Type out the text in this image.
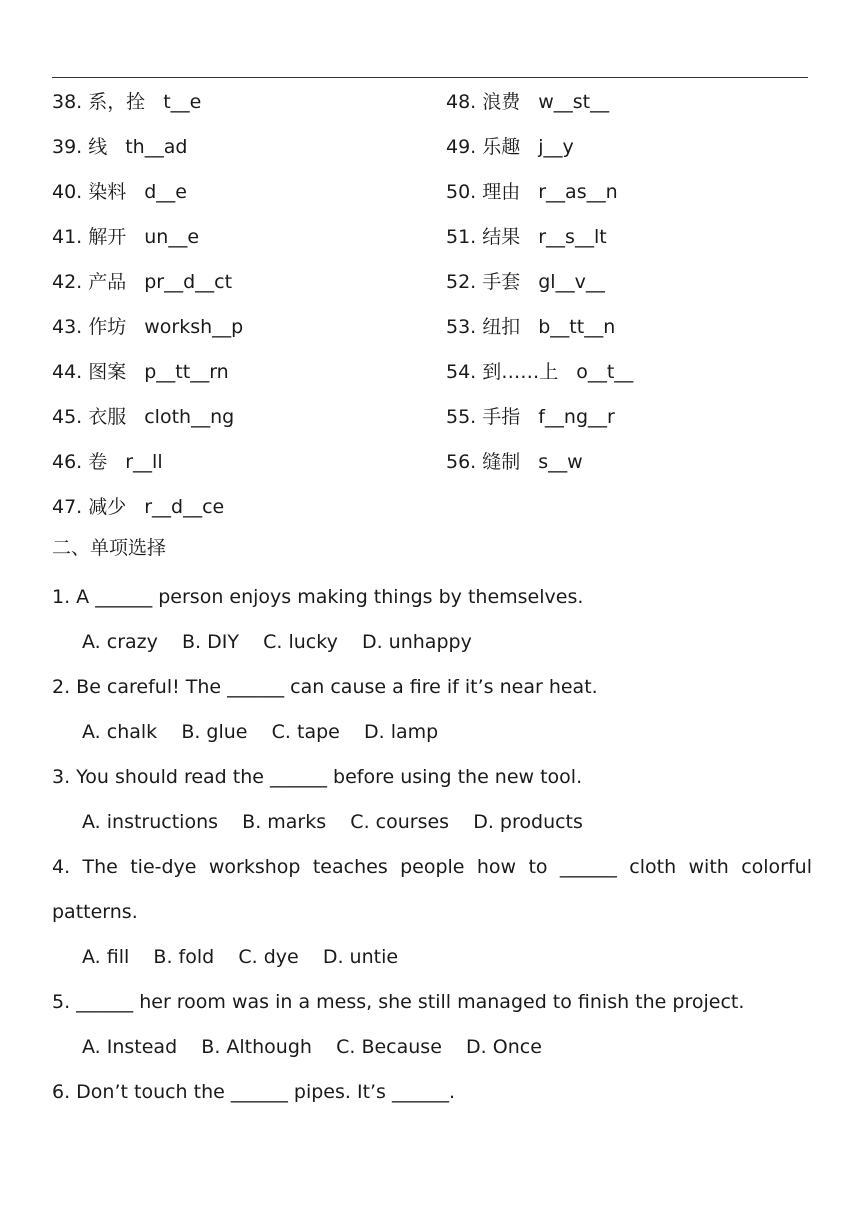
38. 系，拴 t__e	48. 浪费 w__st__
39. 线 th__ad	49. 乐趣 j__y
40. 染料 d__e	50. 理由 r__as__n
41. 解开 un__e	51. 结果 r__s__lt
42. 产品 pr__d__ct	52. 手套 gl__v__
43. 作坊 worksh__p	53. 纽扣 b__tt__n
44. 图案 p__tt__rn	54. 到……上 o__t__
45. 衣服 cloth__ng	55. 手指 f__ng__r
46. 卷 r__ll	56. 缝制 s__w
47. 减少 r__d__ce
二、单项选择
1. A ______ person enjoys making things by themselves.
A. crazy    B. DIY    C. lucky    D. unhappy
2. Be careful! The ______ can cause a fire if it’s near heat.
A. chalk    B. glue    C. tape    D. lamp
3. You should read the ______ before using the new tool.
A. instructions    B. marks    C. courses    D. products
4. The tie-dye workshop teaches people how to ______ cloth with colorful patterns.
A. fill    B. fold    C. dye    D. untie
5. ______ her room was in a mess, she still managed to finish the project.
A. Instead    B. Although    C. Because    D. Once
6. Don’t touch the ______ pipes. It’s ______.
